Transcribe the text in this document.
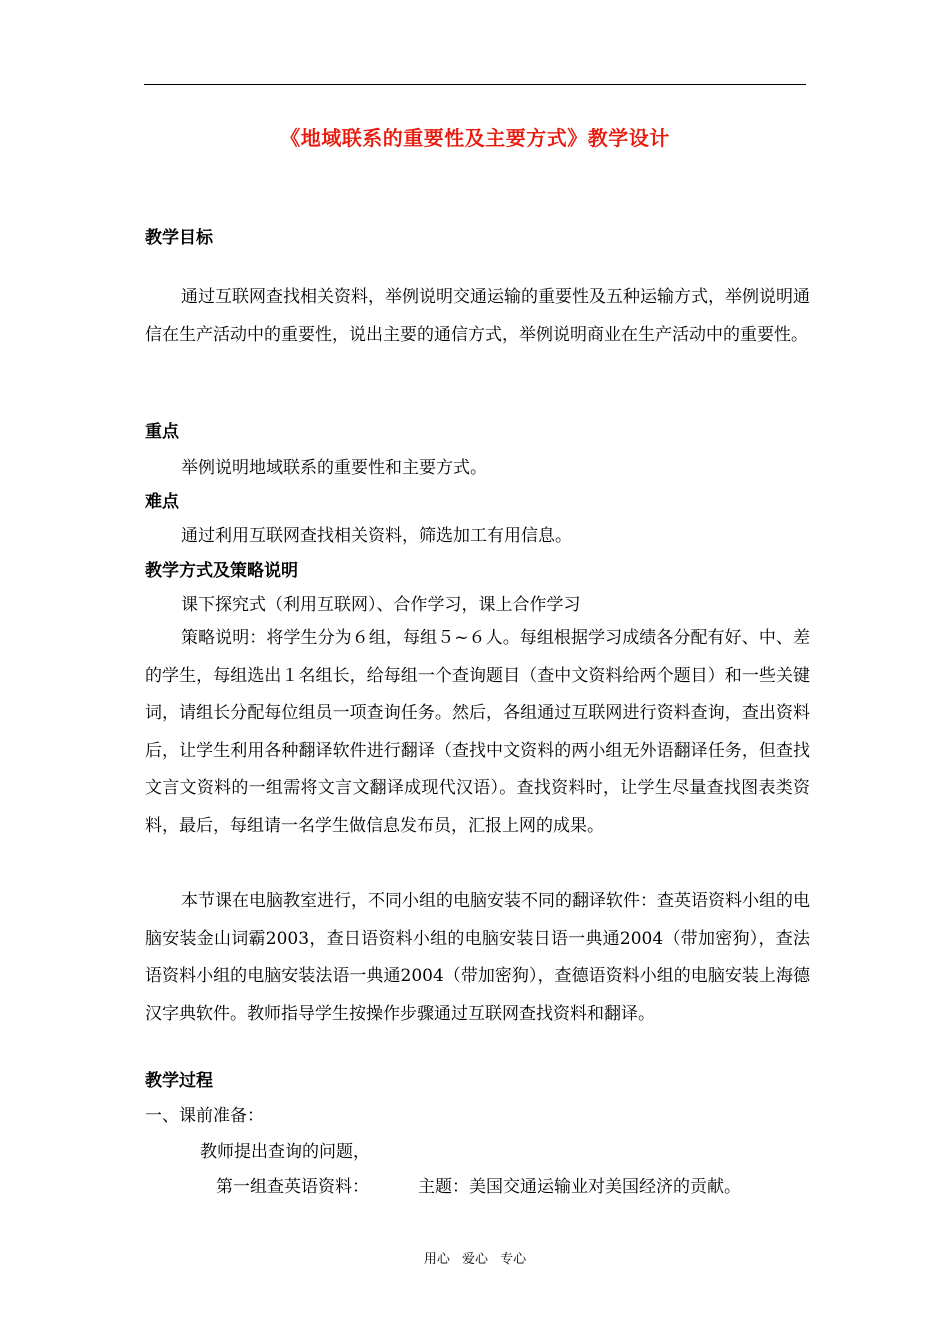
《地域联系的重要性及主要方式》教学设计
教学目标
通过互联网查找相关资料，举例说明交通运输的重要性及五种运输方式，举例说明通信在生产活动中的重要性，说出主要的通信方式，举例说明商业在生产活动中的重要性。
重点
举例说明地域联系的重要性和主要方式。
难点
通过利用互联网查找相关资料，筛选加工有用信息。
教学方式及策略说明
课下探究式（利用互联网）、合作学习，课上合作学习
策略说明：将学生分为６组，每组５~６人。每组根据学习成绩各分配有好、中、差的学生，每组选出１名组长，给每组一个查询题目（查中文资料给两个题目）和一些关键词，请组长分配每位组员一项查询任务。然后，各组通过互联网进行资料查询，查出资料后，让学生利用各种翻译软件进行翻译（查找中文资料的两小组无外语翻译任务，但查找文言文资料的一组需将文言文翻译成现代汉语）。查找资料时，让学生尽量查找图表类资料，最后，每组请一名学生做信息发布员，汇报上网的成果。
本节课在电脑教室进行，不同小组的电脑安装不同的翻译软件：查英语资料小组的电脑安装金山词霸2003，查日语资料小组的电脑安装日语一典通2004（带加密狗），查法语资料小组的电脑安装法语一典通2004（带加密狗），查德语资料小组的电脑安装上海德汉字典软件。教师指导学生按操作步骤通过互联网查找资料和翻译。
教学过程
一、课前准备：
教师提出查询的问题，
第一组查英语资料：	主题：美国交通运输业对美国经济的贡献。
用心 爱心 专心
